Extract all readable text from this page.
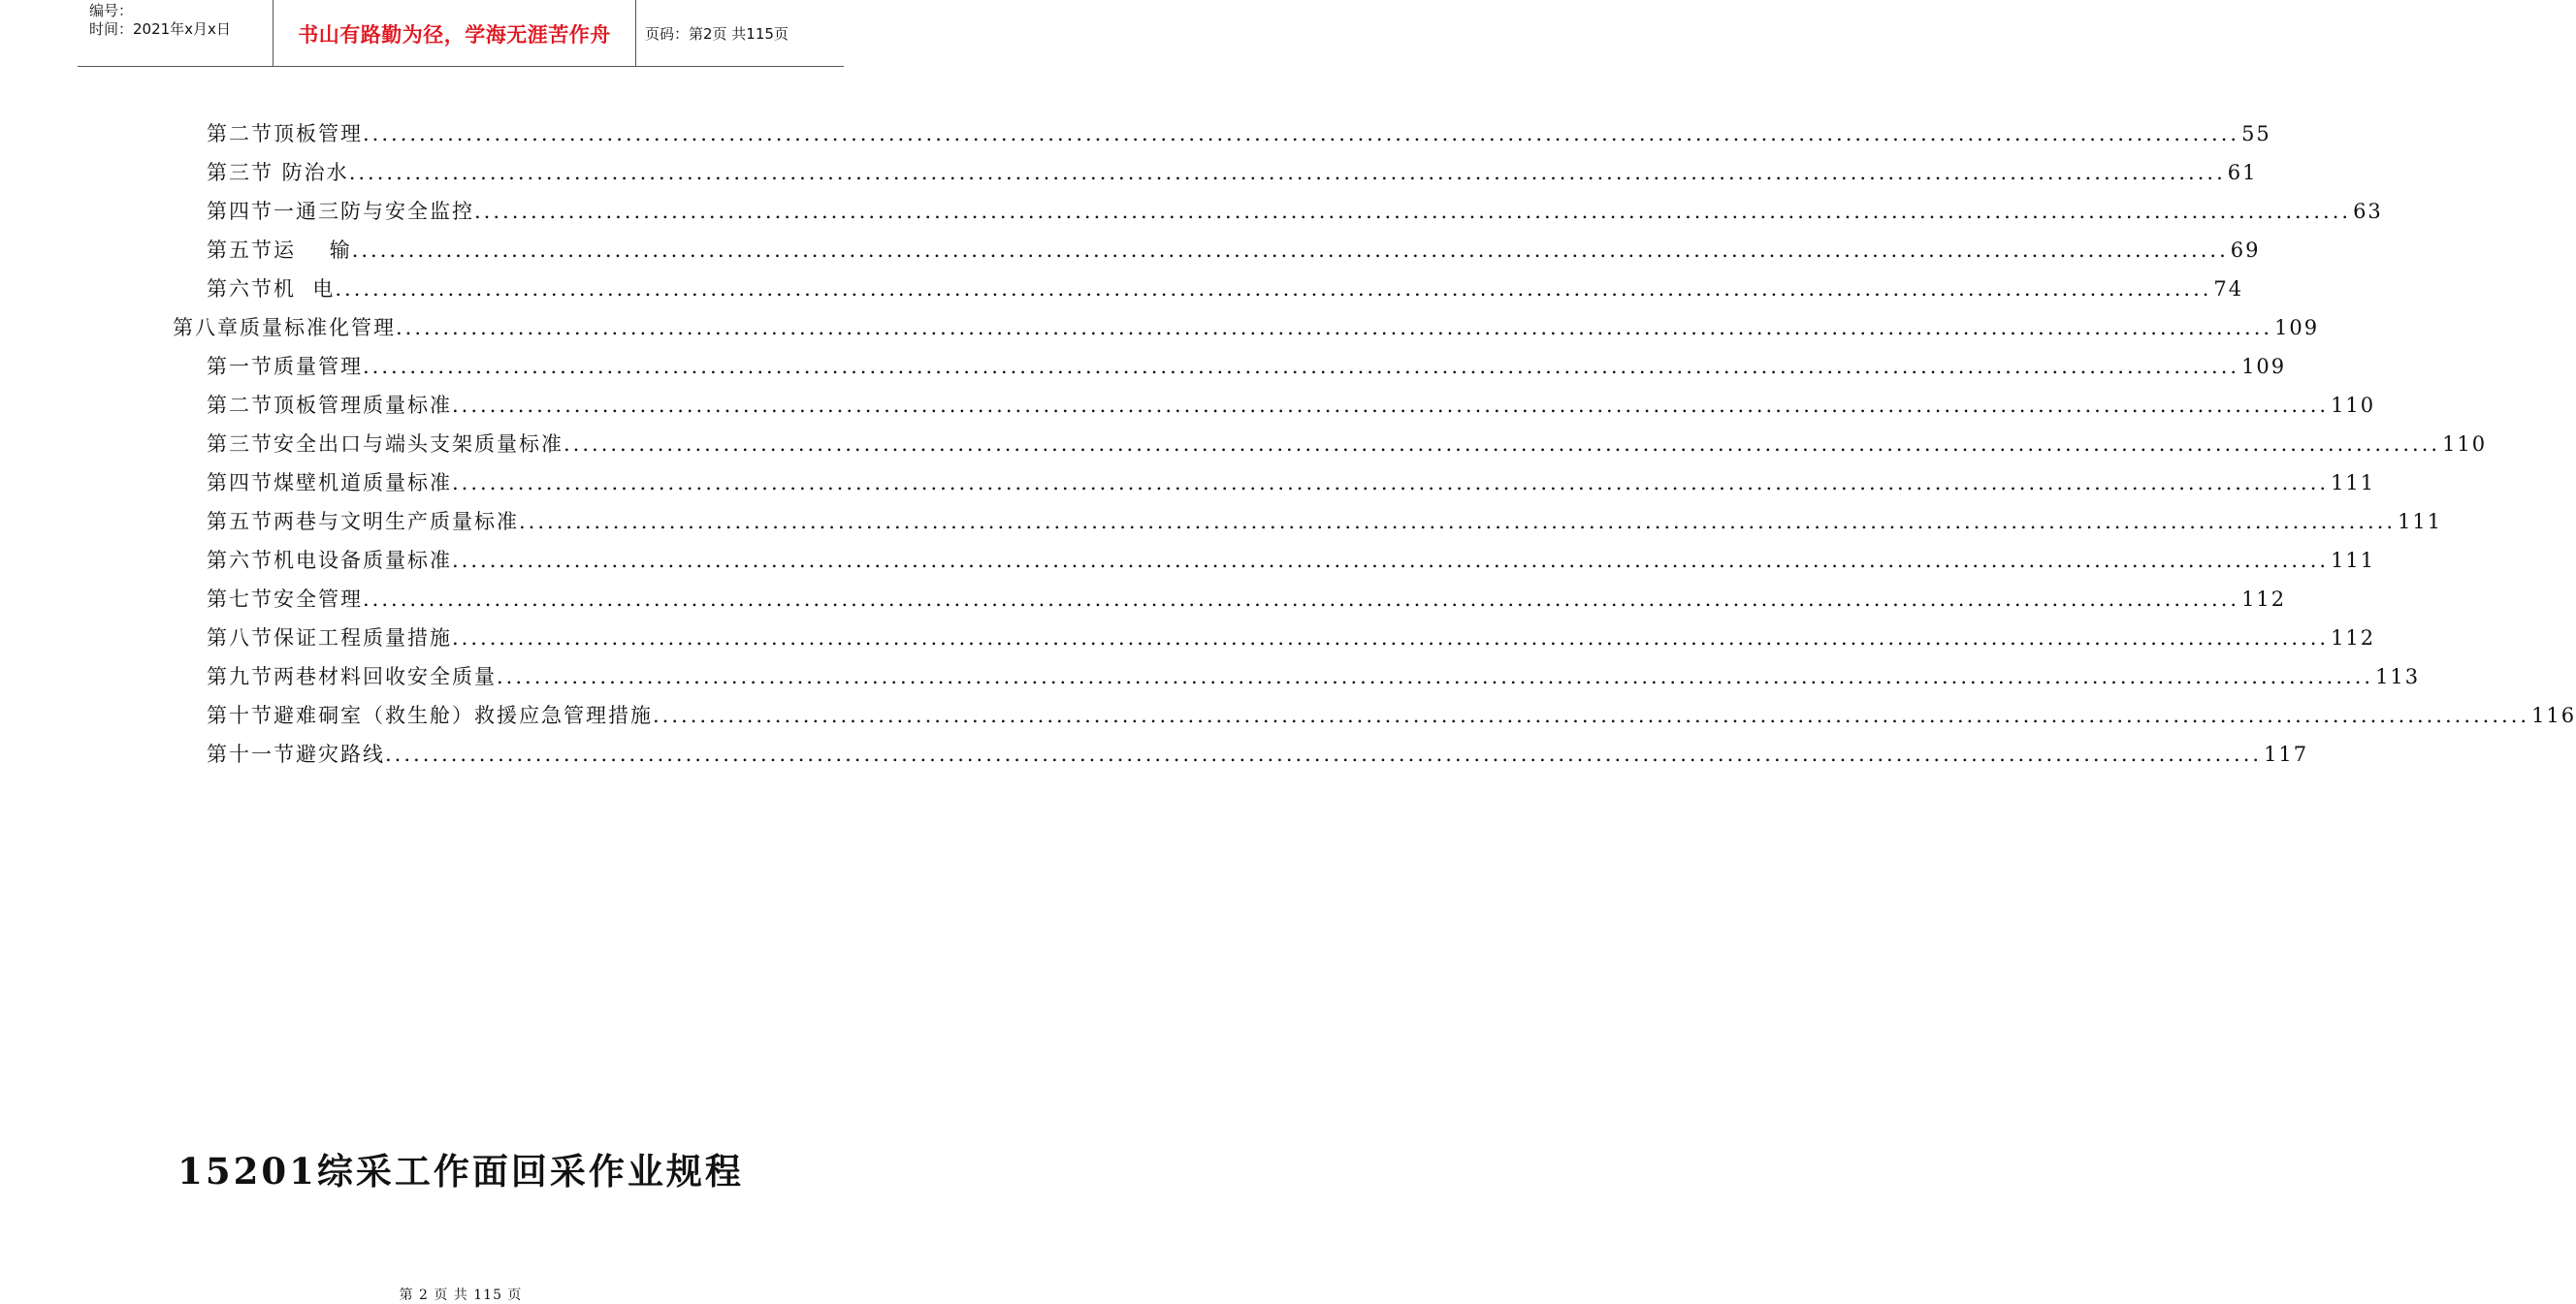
编号：
时间：2021年x月x日	书山有路勤为径，学海无涯苦作舟	页码：第2页 共115页
第二节 顶板管理 ........................................................................................................................................................................................................ 55
第三节 防治水 ........................................................................................................................................................................................................ 61
第四节 一通三防与安全监控 ........................................................................................................................................................................................................ 63
第五节 运    输 ........................................................................................................................................................................................................ 69
第六节 机  电 ........................................................................................................................................................................................................ 74
第八章 质量标准化管理 ........................................................................................................................................................................................................ 109
第一节 质量管理 ........................................................................................................................................................................................................ 109
第二节 顶板管理质量标准 ........................................................................................................................................................................................................ 110
第三节 安全出口与端头支架质量标准 ........................................................................................................................................................................................................ 110
第四节 煤壁机道质量标准 ........................................................................................................................................................................................................ 111
第五节 两巷与文明生产质量标准 ........................................................................................................................................................................................................ 111
第六节 机电设备质量标准 ........................................................................................................................................................................................................ 111
第七节 安全管理 ........................................................................................................................................................................................................ 112
第八节 保证工程质量措施 ........................................................................................................................................................................................................ 112
第九节 两巷材料回收安全质量 ........................................................................................................................................................................................................ 113
第十节 避难硐室（救生舱）救援应急管理措施 ........................................................................................................................................................................................................ 116
第十一节 避灾路线 ........................................................................................................................................................................................................ 117
15201综采工作面回采作业规程
第 2 页 共 115 页
